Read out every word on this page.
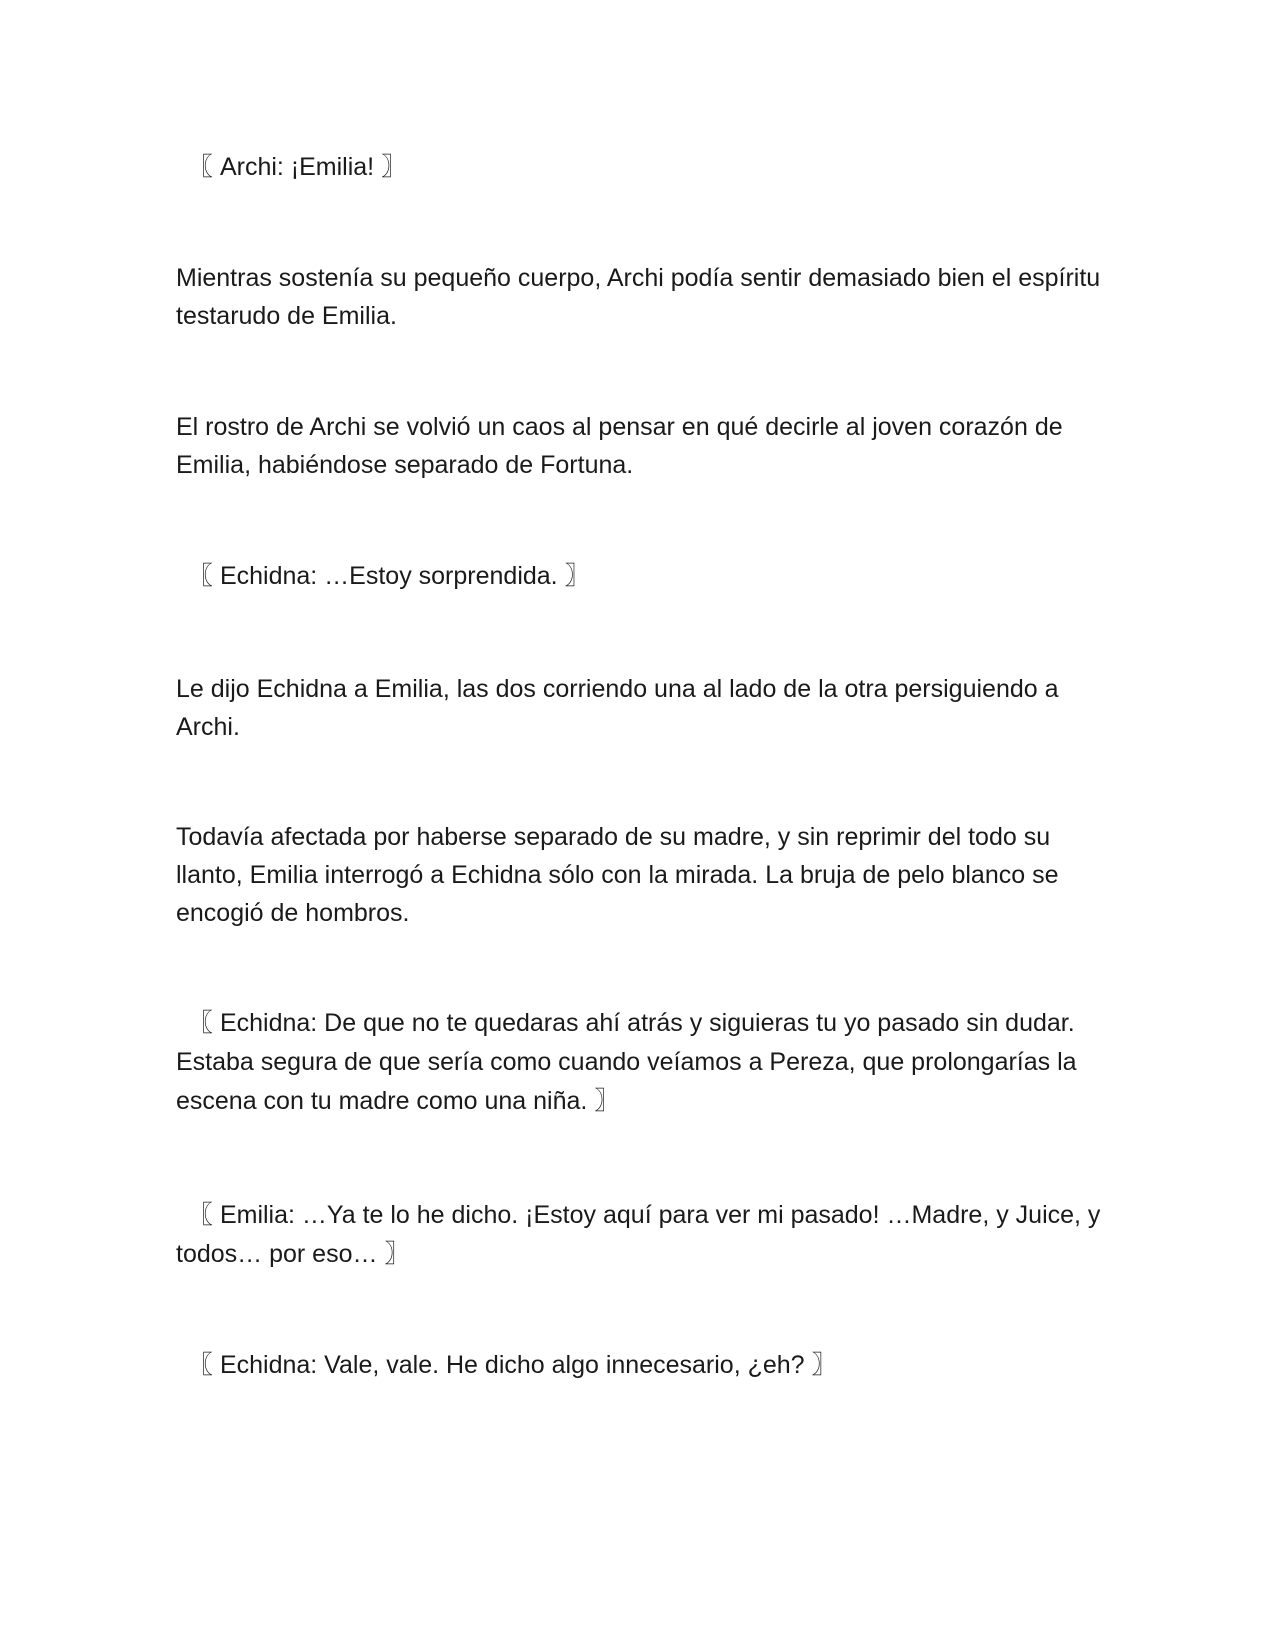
〖 Archi: ¡Emilia! 〗

Mientras sostenía su pequeño cuerpo, Archi podía sentir demasiado bien el espíritu testarudo de Emilia.

El rostro de Archi se volvió un caos al pensar en qué decirle al joven corazón de Emilia, habiéndose separado de Fortuna.

〖 Echidna: …Estoy sorprendida. 〗

Le dijo Echidna a Emilia, las dos corriendo una al lado de la otra persiguiendo a Archi.

Todavía afectada por haberse separado de su madre, y sin reprimir del todo su llanto, Emilia interrogó a Echidna sólo con la mirada. La bruja de pelo blanco se encogió de hombros.

〖 Echidna: De que no te quedaras ahí atrás y siguieras tu yo pasado sin dudar. Estaba segura de que sería como cuando veíamos a Pereza, que prolongarías la escena con tu madre como una niña. 〗

〖 Emilia: …Ya te lo he dicho. ¡Estoy aquí para ver mi pasado! …Madre, y Juice, y todos… por eso… 〗

〖 Echidna: Vale, vale. He dicho algo innecesario, ¿eh? 〗
